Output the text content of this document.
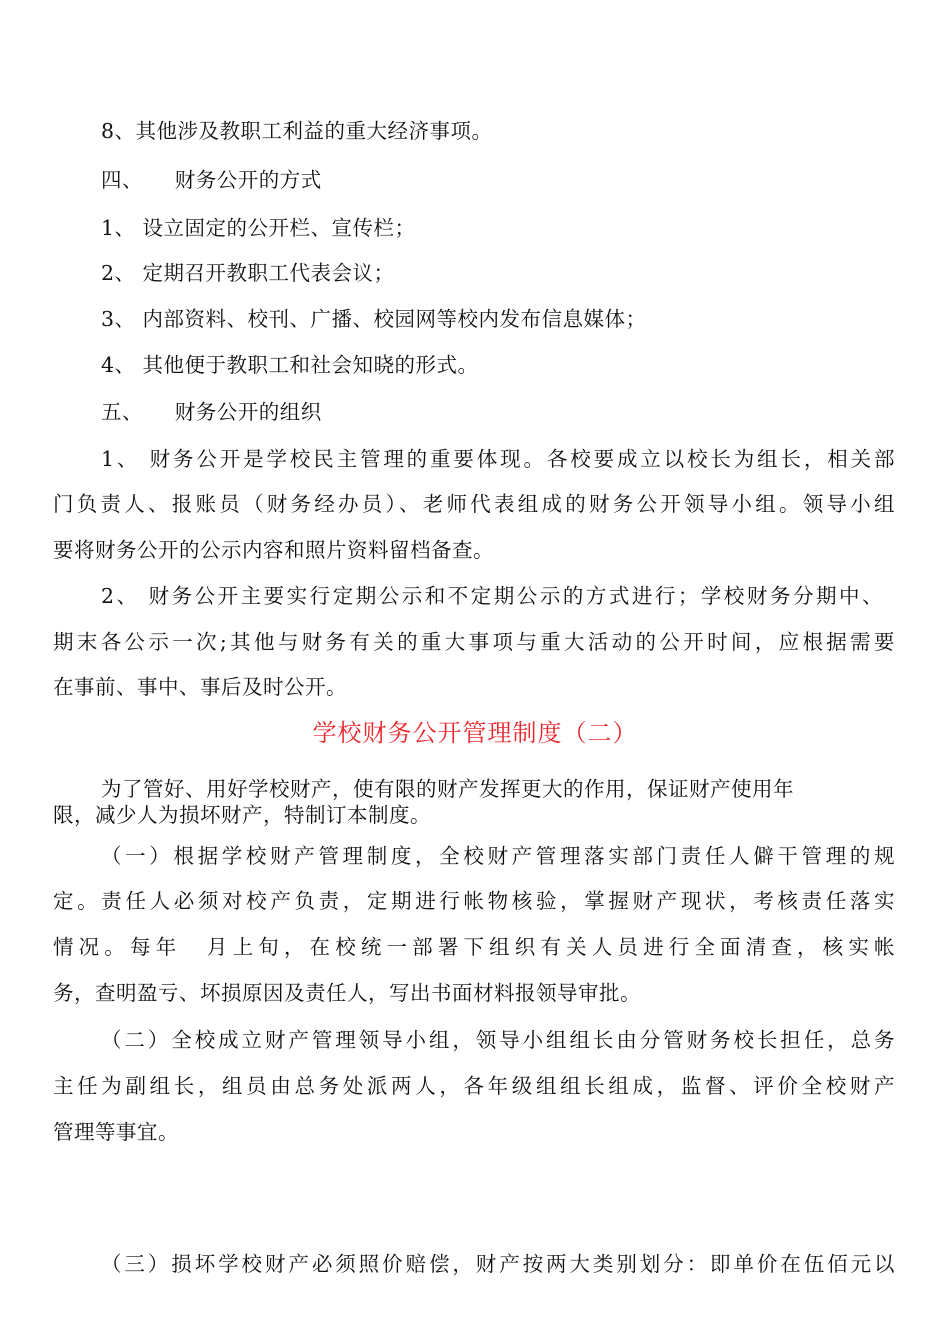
8、其他涉及教职工利益的重大经济事项。
四、　　财务公开的方式
1、 设立固定的公开栏、宣传栏；
2、 定期召开教职工代表会议；
3、 内部资料、校刊、广播、校园网等校内发布信息媒体；
4、 其他便于教职工和社会知晓的形式。
五、　　财务公开的组织
1、 财务公开是学校民主管理的重要体现。各校要成立以校长为组长，相关部
门负责人、报账员（财务经办员）、老师代表组成的财务公开领导小组。领导小组
要将财务公开的公示内容和照片资料留档备查。
2、 财务公开主要实行定期公示和不定期公示的方式进行；学校财务分期中、
期末各公示一次;其他与财务有关的重大事项与重大活动的公开时间，应根据需要
在事前、事中、事后及时公开。
学校财务公开管理制度（二）
为了管好、用好学校财产，使有限的财产发挥更大的作用，保证财产使用年
限，减少人为损坏财产，特制订本制度。
（一）根据学校财产管理制度，全校财产管理落实部门责任人僻干管理的规
定。责任人必须对校产负责，定期进行帐物核验，掌握财产现状，考核责任落实
情况。每年　月上旬，在校统一部署下组织有关人员进行全面清查，核实帐
务，查明盈亏、坏损原因及责任人，写出书面材料报领导审批。
（二）全校成立财产管理领导小组，领导小组组长由分管财务校长担任，总务
主任为副组长，组员由总务处派两人，各年级组组长组成，监督、评价全校财产
管理等事宜。
（三）损坏学校财产必须照价赔偿，财产按两大类别划分：即单价在伍佰元以
